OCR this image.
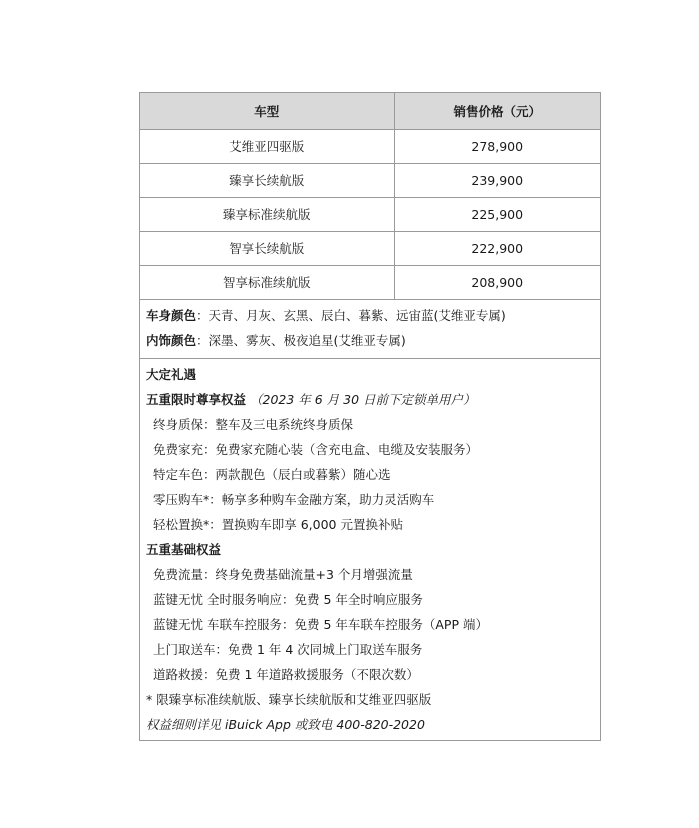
车型	销售价格（元）
艾维亚四驱版	278,900
臻享长续航版	239,900
臻享标准续航版	225,900
智享长续航版	222,900
智享标准续航版	208,900
车身颜色：天青、月灰、玄黑、辰白、暮紫、远宙蓝(艾维亚专属)
内饰颜色：深墨、雾灰、极夜追星(艾维亚专属)
大定礼遇
五重限时尊享权益 （2023 年 6 月 30 日前下定锁单用户）
终身质保：整车及三电系统终身质保
免费家充：免费家充随心装（含充电盒、电缆及安装服务）
特定车色：两款靓色（辰白或暮紫）随心选
零压购车*：畅享多种购车金融方案，助力灵活购车
轻松置换*：置换购车即享 6,000 元置换补贴
五重基础权益
免费流量：终身免费基础流量+3 个月增强流量
蓝键无忧 全时服务响应：免费 5 年全时响应服务
蓝键无忧 车联车控服务：免费 5 年车联车控服务（APP 端）
上门取送车：免费 1 年 4 次同城上门取送车服务
道路救援：免费 1 年道路救援服务（不限次数）
* 限臻享标准续航版、臻享长续航版和艾维亚四驱版
权益细则详见 iBuick App 或致电 400-820-2020
